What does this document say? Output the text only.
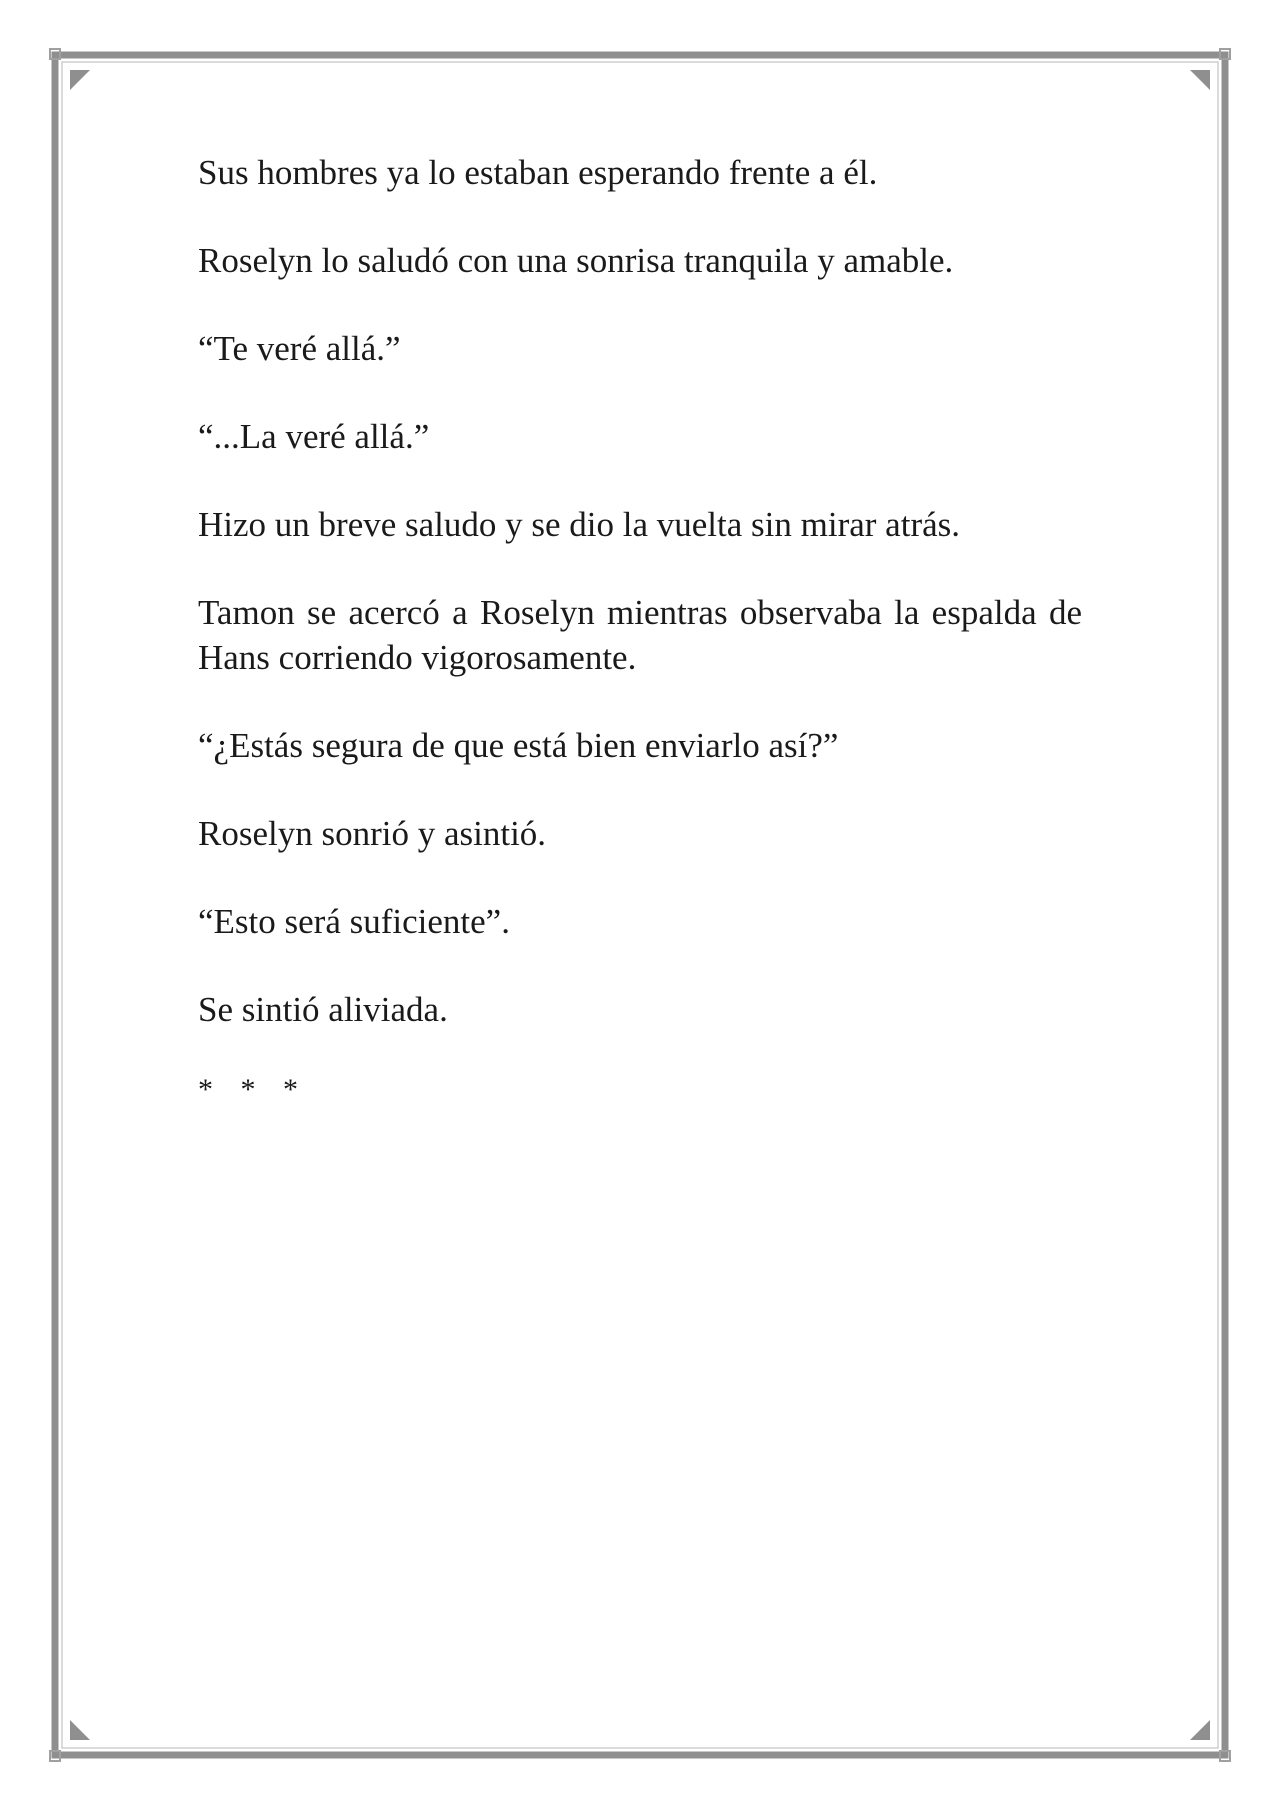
Sus hombres ya lo estaban esperando frente a él.

Roselyn lo saludó con una sonrisa tranquila y amable.

“Te veré allá.”

“...La veré allá.”

Hizo un breve saludo y se dio la vuelta sin mirar atrás.

Tamon se acercó a Roselyn mientras observaba la espalda de Hans corriendo vigorosamente.

“¿Estás segura de que está bien enviarlo así?”

Roselyn sonrió y asintió.

“Esto será suficiente”.

Se sintió aliviada.

* * *
